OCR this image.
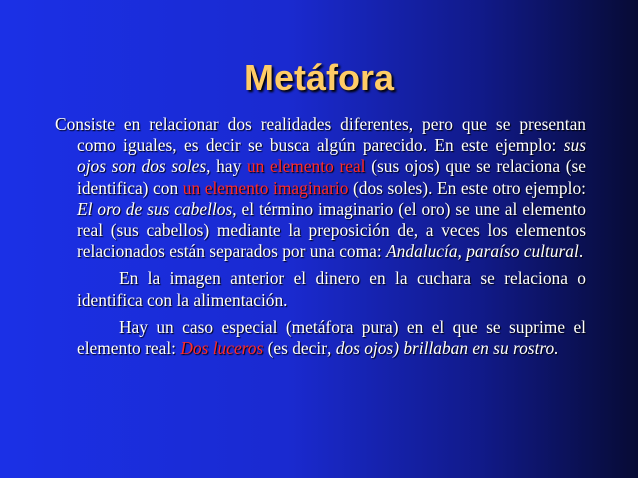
Metáfora

Consiste en relacionar dos realidades diferentes, pero que se presentan como iguales, es decir se busca algún parecido. En este ejemplo: sus ojos son dos soles, hay un elemento real (sus ojos) que se relaciona (se identifica) con un elemento imaginario (dos soles). En este otro ejemplo: El oro de sus cabellos, el término imaginario (el oro) se une al elemento real (sus cabellos) mediante la preposición de, a veces los elementos relacionados están separados por una coma: Andalucía, paraíso cultural.

En la imagen anterior el dinero en la cuchara se relaciona o identifica con la alimentación.

Hay un caso especial (metáfora pura) en el que se suprime el elemento real: Dos luceros (es decir, dos ojos) brillaban en su rostro.
